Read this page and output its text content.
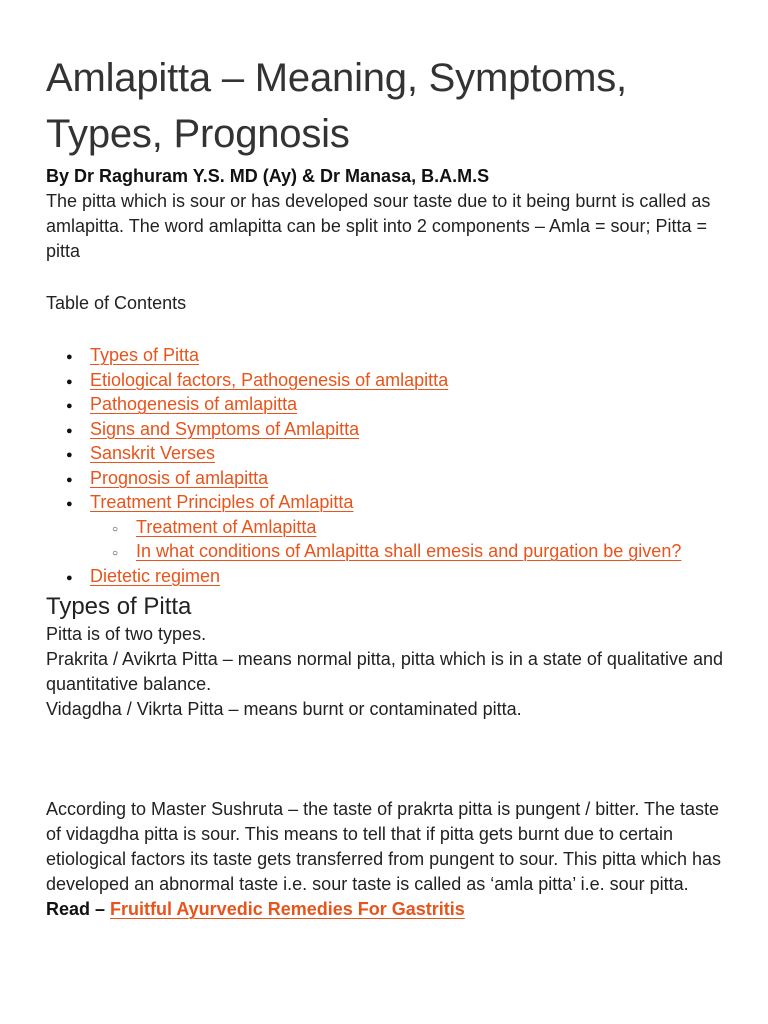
Amlapitta – Meaning, Symptoms, Types, Prognosis

By Dr Raghuram Y.S. MD (Ay) & Dr Manasa, B.A.M.S

The pitta which is sour or has developed sour taste due to it being burnt is called as amlapitta. The word amlapitta can be split into 2 components – Amla = sour; Pitta = pitta

Table of Contents

● Types of Pitta
● Etiological factors, Pathogenesis of amlapitta
● Pathogenesis of amlapitta
● Signs and Symptoms of Amlapitta
● Sanskrit Verses
● Prognosis of amlapitta
● Treatment Principles of Amlapitta
○ Treatment of Amlapitta
○ In what conditions of Amlapitta shall emesis and purgation be given?
● Dietetic regimen
Types of Pitta

Pitta is of two types.

Prakrita / Avikrta Pitta – means normal pitta, pitta which is in a state of qualitative and quantitative balance.

Vidagdha / Vikrta Pitta – means burnt or contaminated pitta.

According to Master Sushruta – the taste of prakrta pitta is pungent / bitter. The taste of vidagdha pitta is sour. This means to tell that if pitta gets burnt due to certain etiological factors its taste gets transferred from pungent to sour. This pitta which has developed an abnormal taste i.e. sour taste is called as ‘amla pitta’ i.e. sour pitta.

Read – Fruitful Ayurvedic Remedies For Gastritis
